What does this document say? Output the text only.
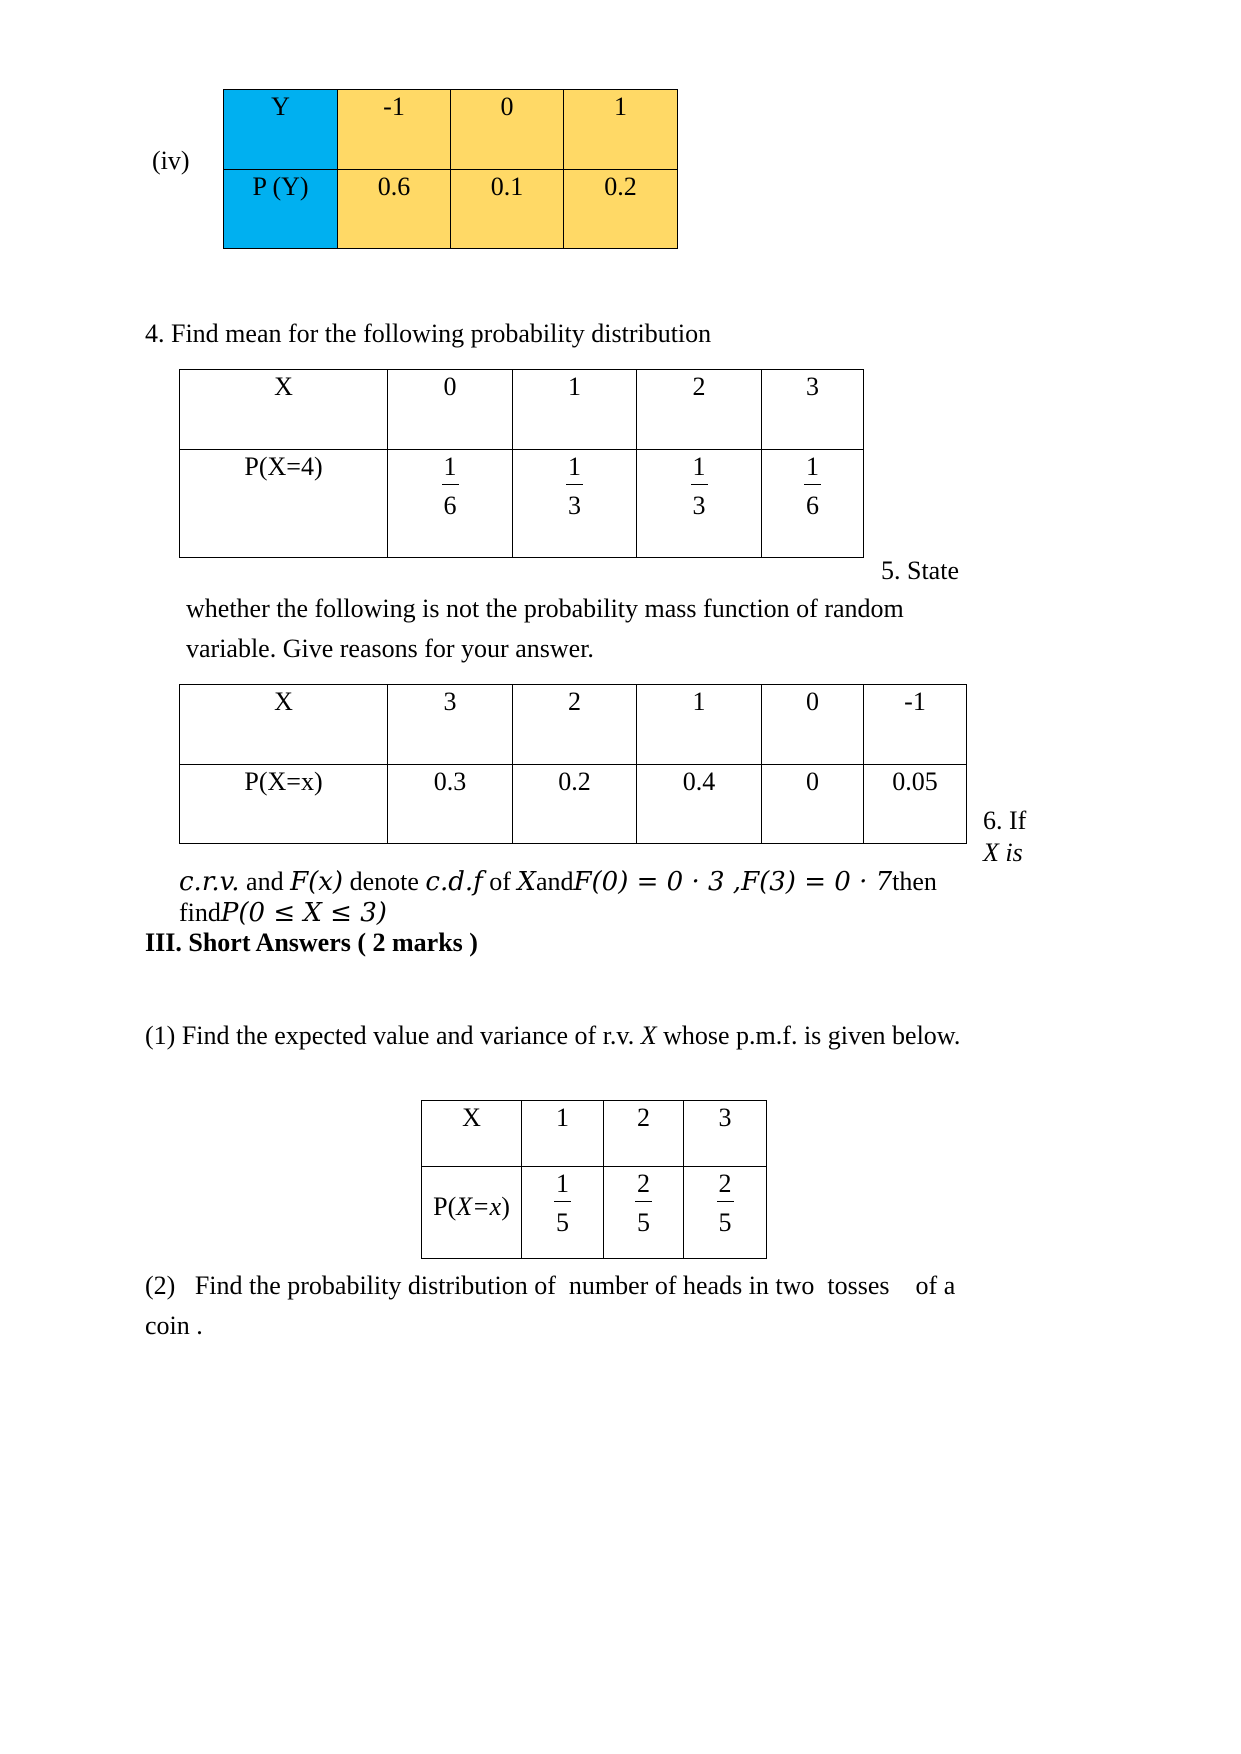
(iv)
Y	-1	0	1
P (Y)	0.6	0.1	0.2
4. Find mean for the following probability distribution
X	0	1	2	3
P(X=4)	$\frac{1}{6}$	$\frac{1}{3}$	$\frac{1}{3}$	$\frac{1}{6}$
5. State
whether the following is not the probability mass function of random
variable. Give reasons for your answer.
X	3	2	1	0	-1
P(X=x)	0.3	0.2	0.4	0	0.05
6. If
X is
c.r.v. and F(x) denote c.d.f of XandF(0) = 0 · 3 ,F(3) = 0 · 7then
findP(0 ≤ X ≤ 3)
III. Short Answers ( 2 marks )
(1) Find the expected value and variance of r.v. X whose p.m.f. is given below.
X	1	2	3
P(X=x)	$\frac{1}{5}$	$\frac{2}{5}$	$\frac{2}{5}$
(2)   Find the probability distribution of  number of heads in two  tosses    of a
coin .
